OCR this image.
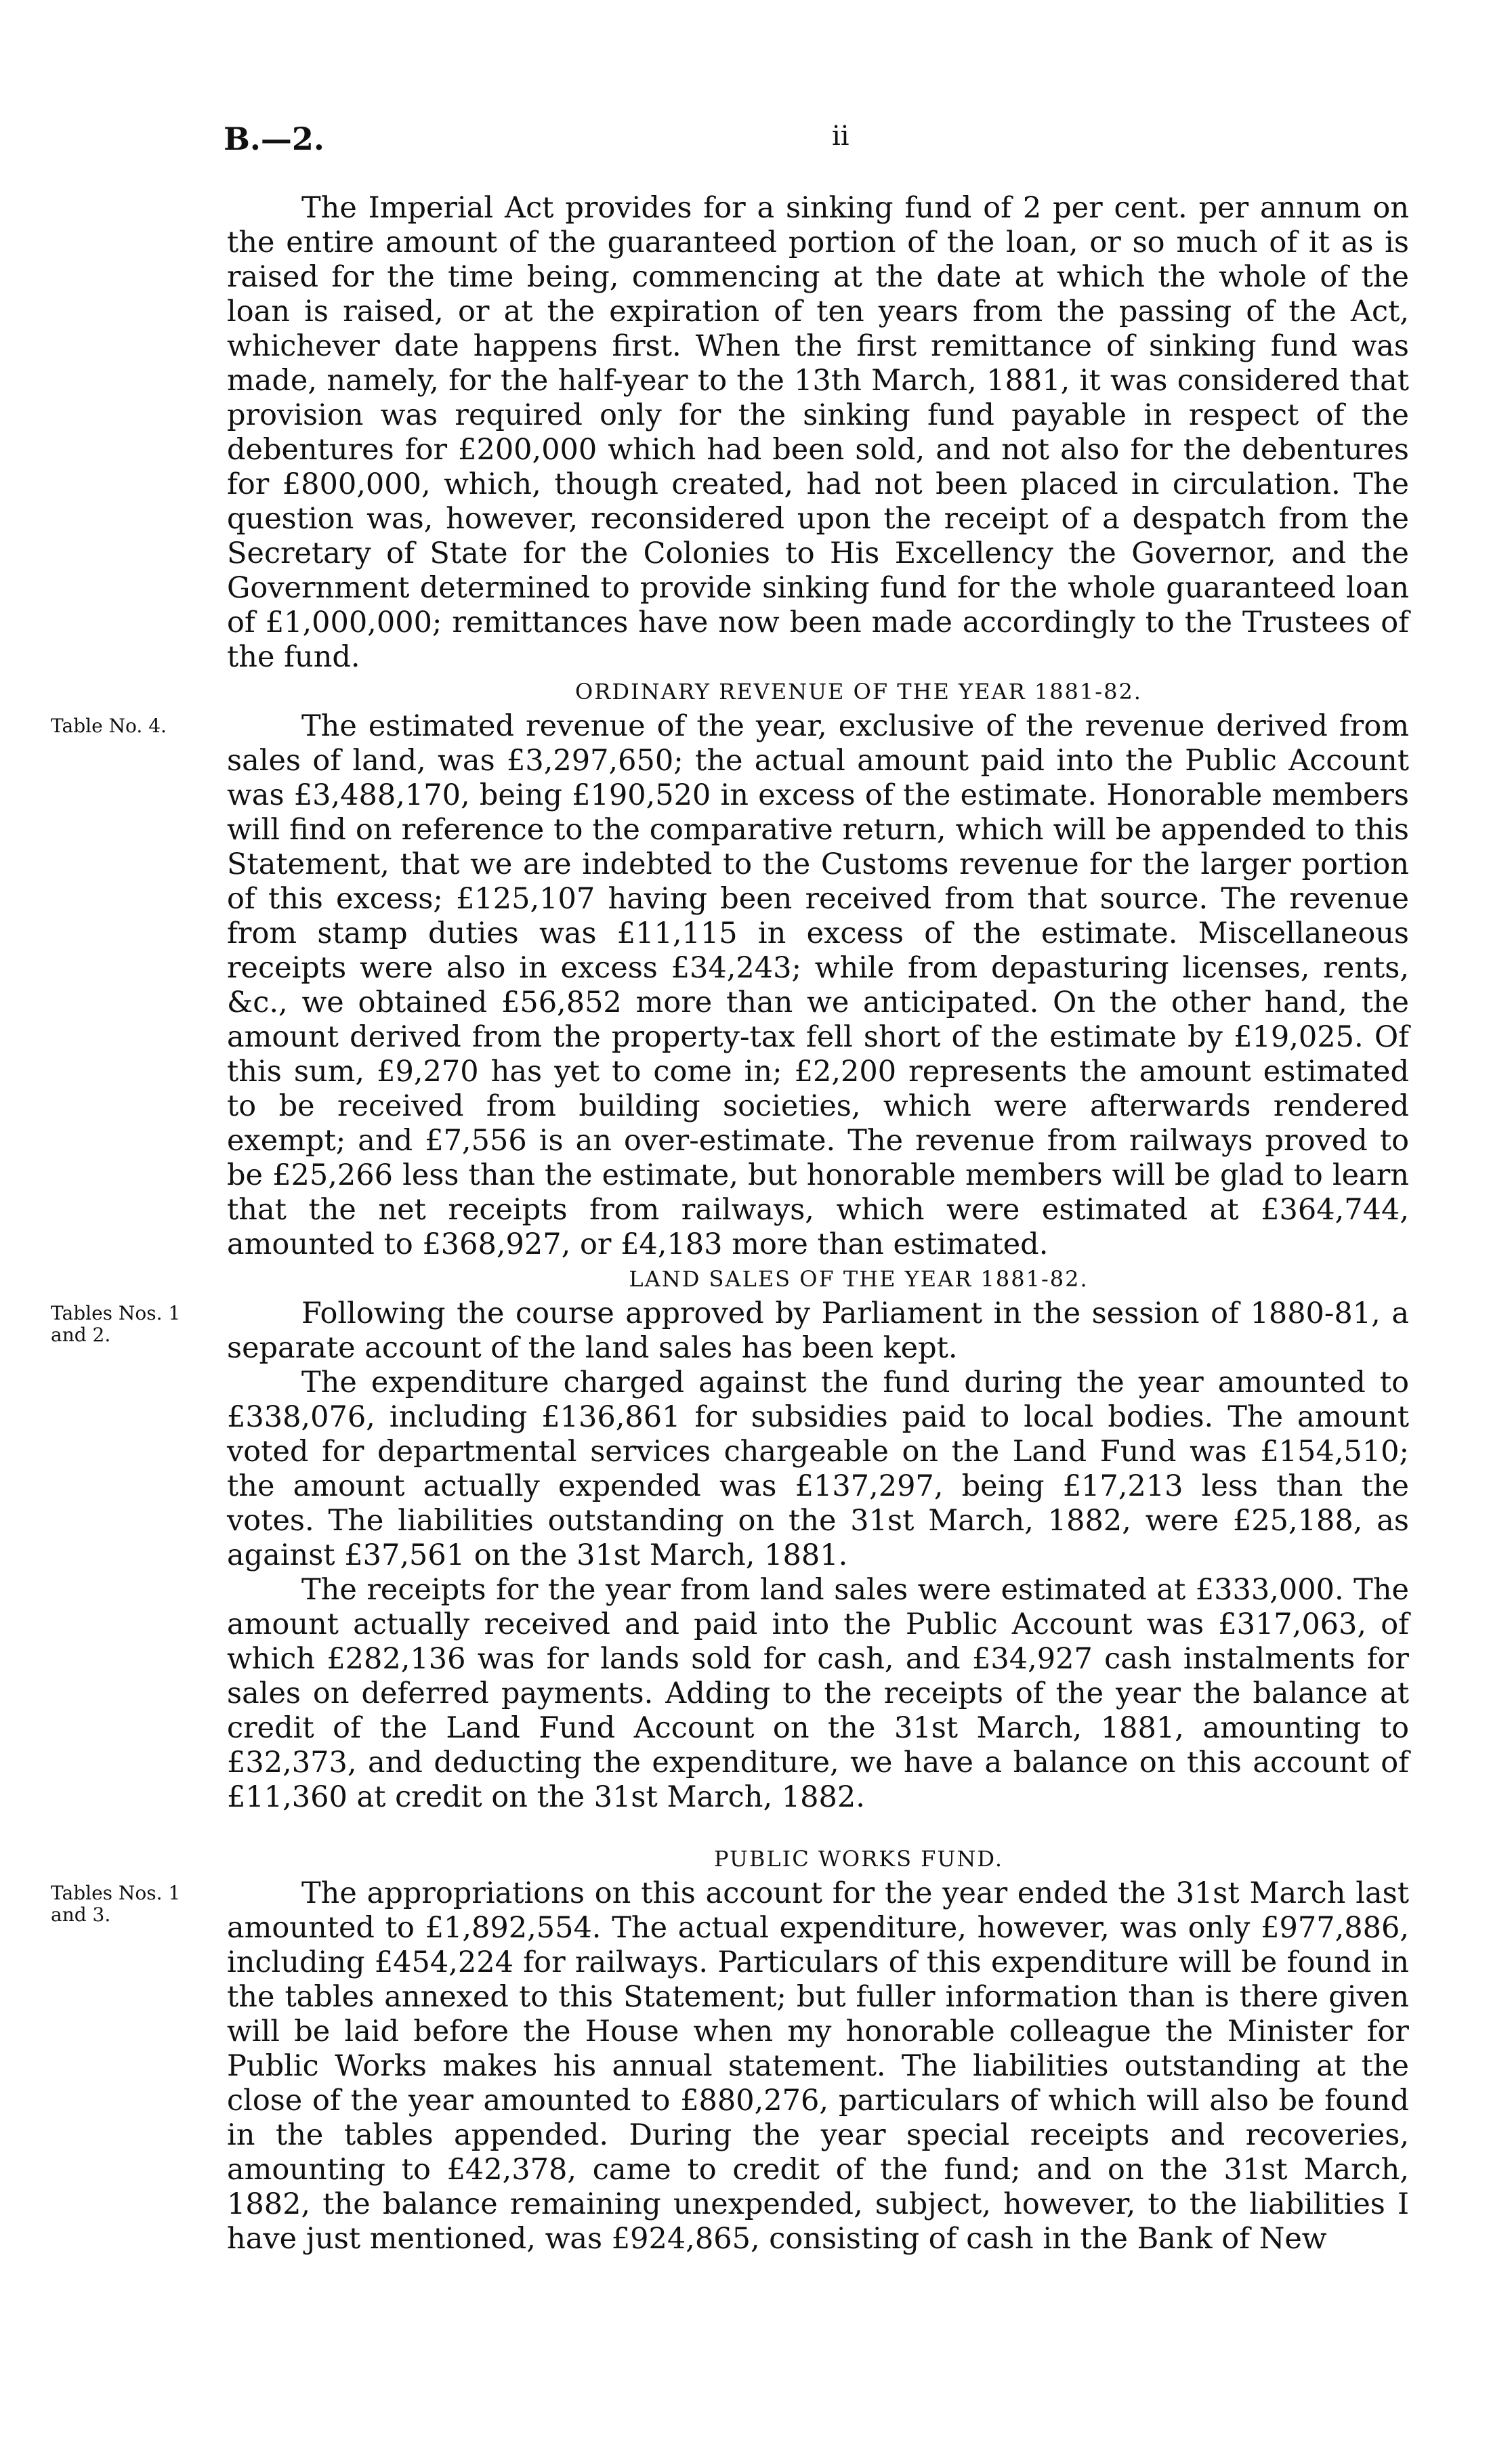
B.—2.	ii

The Imperial Act provides for a sinking fund of 2 per cent. per annum on the entire amount of the guaranteed portion of the loan, or so much of it as is raised for the time being, commencing at the date at which the whole of the loan is raised, or at the expiration of ten years from the passing of the Act, whichever date happens first. When the first remittance of sinking fund was made, namely, for the half-year to the 13th March, 1881, it was considered that provision was required only for the sinking fund payable in respect of the debentures for £200,000 which had been sold, and not also for the debentures for £800,000, which, though created, had not been placed in circulation. The question was, however, reconsidered upon the receipt of a despatch from the Secretary of State for the Colonies to His Excellency the Governor, and the Government determined to provide sinking fund for the whole guaranteed loan of £1,000,000; remittances have now been made accordingly to the Trustees of the fund.

ORDINARY REVENUE OF THE YEAR 1881-82.
Table No. 4.	The estimated revenue of the year, exclusive of the revenue derived from sales of land, was £3,297,650; the actual amount paid into the Public Account was £3,488,170, being £190,520 in excess of the estimate. Honorable members will find on reference to the comparative return, which will be appended to this Statement, that we are indebted to the Customs revenue for the larger portion of this excess; £125,107 having been received from that source. The revenue from stamp duties was £11,115 in excess of the estimate. Miscellaneous receipts were also in excess £34,243; while from depasturing licenses, rents, &c., we obtained £56,852 more than we anticipated. On the other hand, the amount derived from the property-tax fell short of the estimate by £19,025. Of this sum, £9,270 has yet to come in; £2,200 represents the amount estimated to be received from building societies, which were afterwards rendered exempt; and £7,556 is an over-estimate. The revenue from railways proved to be £25,266 less than the estimate, but honorable members will be glad to learn that the net receipts from railways, which were estimated at £364,744, amounted to £368,927, or £4,183 more than estimated.

LAND SALES OF THE YEAR 1881-82.
Tables Nos. 1 and 2.

Following the course approved by Parliament in the session of 1880-81, a separate account of the land sales has been kept.

The expenditure charged against the fund during the year amounted to £338,076, including £136,861 for subsidies paid to local bodies. The amount voted for departmental services chargeable on the Land Fund was £154,510; the amount actually expended was £137,297, being £17,213 less than the votes. The liabilities outstanding on the 31st March, 1882, were £25,188, as against £37,561 on the 31st March, 1881.

The receipts for the year from land sales were estimated at £333,000. The amount actually received and paid into the Public Account was £317,063, of which £282,136 was for lands sold for cash, and £34,927 cash instalments for sales on deferred payments. Adding to the receipts of the year the balance at credit of the Land Fund Account on the 31st March, 1881, amounting to £32,373, and deducting the expenditure, we have a balance on this account of £11,360 at credit on the 31st March, 1882.

PUBLIC WORKS FUND.
Tables Nos. 1 and 3.

The appropriations on this account for the year ended the 31st March last amounted to £1,892,554. The actual expenditure, however, was only £977,886, including £454,224 for railways. Particulars of this expenditure will be found in the tables annexed to this Statement; but fuller information than is there given will be laid before the House when my honorable colleague the Minister for Public Works makes his annual statement. The liabilities outstanding at the close of the year amounted to £880,276, particulars of which will also be found in the tables appended. During the year special receipts and recoveries, amounting to £42,378, came to credit of the fund; and on the 31st March, 1882, the balance remaining unexpended, subject, however, to the liabilities I have just mentioned, was £924,865, consisting of cash in the Bank of New
